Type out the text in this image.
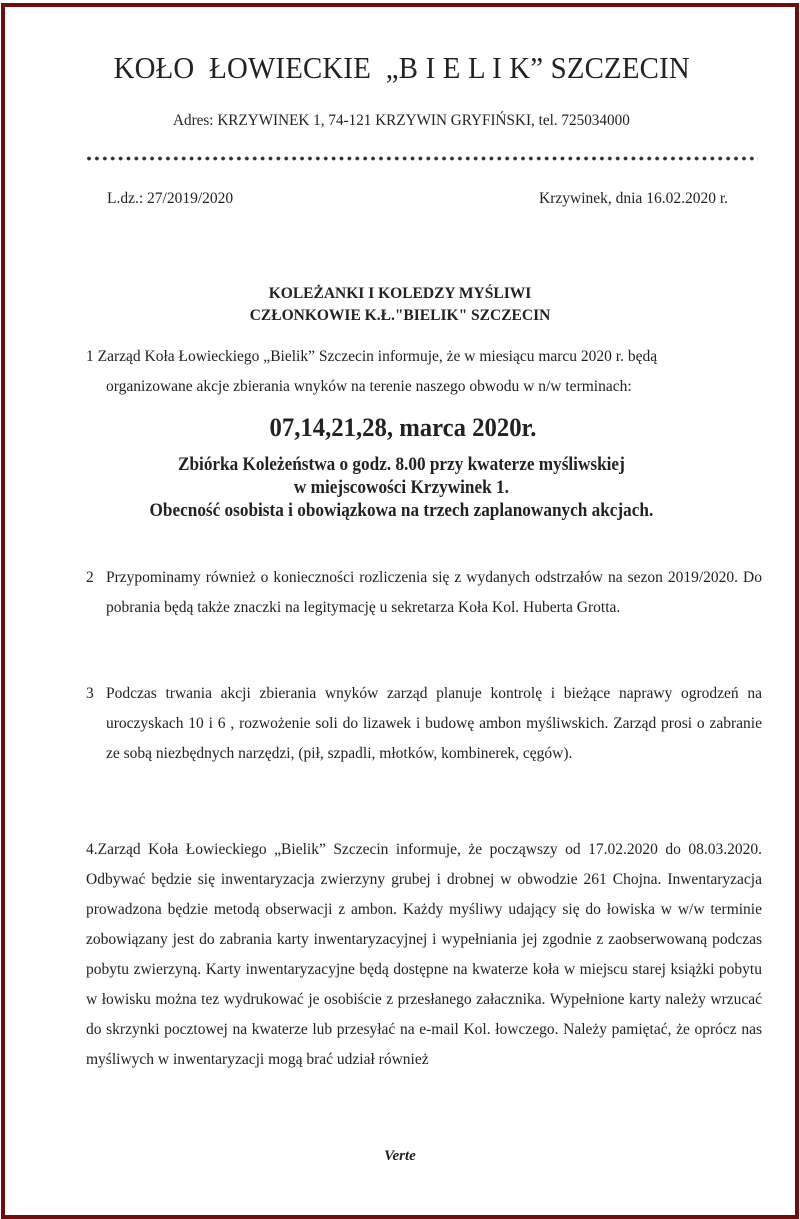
KOŁO  ŁOWIECKIE  „B I E L I K” SZCZECIN
Adres: KRZYWINEK 1, 74-121 KRZYWIN GRYFIŃSKI, tel. 725034000
L.dz.: 27/2019/2020	Krzywinek, dnia 16.02.2020 r.
KOLEŻANKI I KOLEDZY MYŚLIWI
CZŁONKOWIE K.Ł."BIELIK" SZCZECIN
1 Zarząd Koła Łowieckiego „Bielik” Szczecin informuje, że w miesiącu marcu 2020 r. będą
organizowane akcje zbierania wnyków na terenie naszego obwodu w n/w terminach:
07,14,21,28, marca 2020r.
Zbiórka Koleżeństwa o godz. 8.00 przy kwaterze myśliwskiej
w miejscowości Krzywinek 1.
Obecność osobista i obowiązkowa na trzech zaplanowanych akcjach.
2 Przypominamy również o konieczności rozliczenia się z wydanych odstrzałów na sezon 2019/2020. Do pobrania będą także znaczki na legitymację u sekretarza Koła Kol. Huberta Grotta.
3 Podczas trwania akcji zbierania wnyków zarząd planuje kontrolę i bieżące naprawy ogrodzeń na uroczyskach 10 i 6 , rozwożenie soli do lizawek i budowę ambon myśliwskich. Zarząd prosi o zabranie ze sobą niezbędnych narzędzi, (pił, szpadli, młotków, kombinerek, cęgów).
4.Zarząd Koła Łowieckiego „Bielik” Szczecin informuje, że począwszy od 17.02.2020 do 08.03.2020. Odbywać będzie się inwentaryzacja zwierzyny grubej i drobnej w obwodzie 261 Chojna. Inwentaryzacja prowadzona będzie metodą obserwacji z ambon. Każdy myśliwy udający się do łowiska w w/w terminie zobowiązany jest do zabrania karty inwentaryzacyjnej i wypełniania jej zgodnie z zaobserwowaną podczas pobytu zwierzyną. Karty inwentaryzacyjne będą dostępne na kwaterze koła w miejscu starej książki pobytu w łowisku można tez wydrukować je osobiście z przesłanego załacznika. Wypełnione karty należy wrzucać do skrzynki pocztowej na kwaterze lub przesyłać na e-mail Kol. łowczego. Należy pamiętać, że oprócz nas myśliwych w inwentaryzacji mogą brać udział również
Verte
